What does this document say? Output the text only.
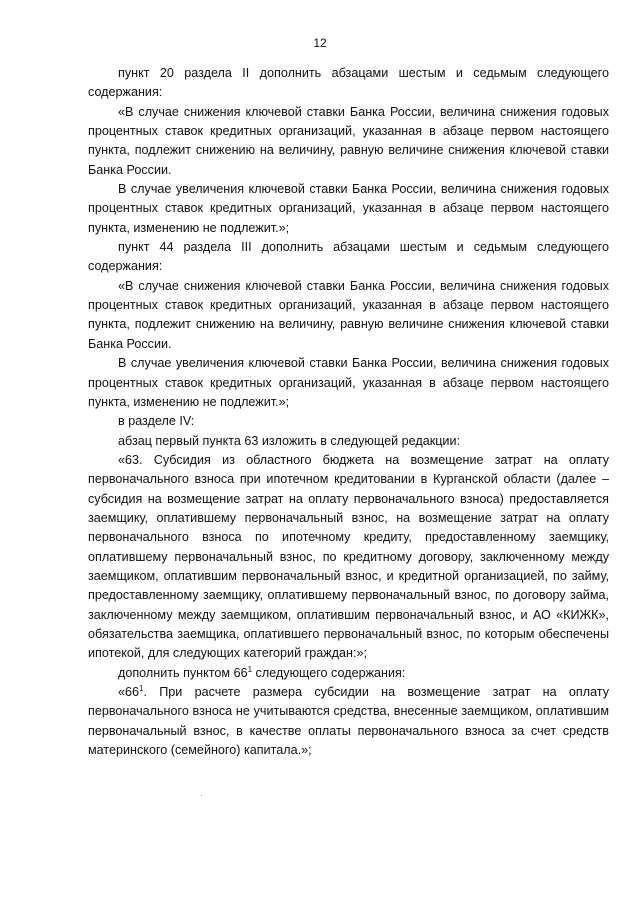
12

пункт 20 раздела II дополнить абзацами шестым и седьмым следующего содержания:

«В случае снижения ключевой ставки Банка России, величина снижения годовых процентных ставок кредитных организаций, указанная в абзаце первом настоящего пункта, подлежит снижению на величину, равную величине снижения ключевой ставки Банка России.

В случае увеличения ключевой ставки Банка России, величина снижения годовых процентных ставок кредитных организаций, указанная в абзаце первом настоящего пункта, изменению не подлежит.»;

пункт 44 раздела III дополнить абзацами шестым и седьмым следующего содержания:

«В случае снижения ключевой ставки Банка России, величина снижения годовых процентных ставок кредитных организаций, указанная в абзаце первом настоящего пункта, подлежит снижению на величину, равную величине снижения ключевой ставки Банка России.

В случае увеличения ключевой ставки Банка России, величина снижения годовых процентных ставок кредитных организаций, указанная в абзаце первом настоящего пункта, изменению не подлежит.»;

в разделе IV:

абзац первый пункта 63 изложить в следующей редакции:

«63. Субсидия из областного бюджета на возмещение затрат на оплату первоначального взноса при ипотечном кредитовании в Курганской области (далее – субсидия на возмещение затрат на оплату первоначального взноса) предоставляется заемщику, оплатившему первоначальный взнос, на возмещение затрат на оплату первоначального взноса по ипотечному кредиту, предоставленному заемщику, оплатившему первоначальный взнос, по кредитному договору, заключенному между заемщиком, оплатившим первоначальный взнос, и кредитной организацией, по займу, предоставленному заемщику, оплатившему первоначальный взнос, по договору займа, заключенному между заемщиком, оплатившим первоначальный взнос, и АО «КИЖК», обязательства заемщика, оплатившего первоначальный взнос, по которым обеспечены ипотекой, для следующих категорий граждан:»;

дополнить пунктом $66^1$ следующего содержания:

«$66^1$. При расчете размера субсидии на возмещение затрат на оплату первоначального взноса не учитываются средства, внесенные заемщиком, оплатившим первоначальный взнос, в качестве оплаты первоначального взноса за счет средств материнского (семейного) капитала.»;
